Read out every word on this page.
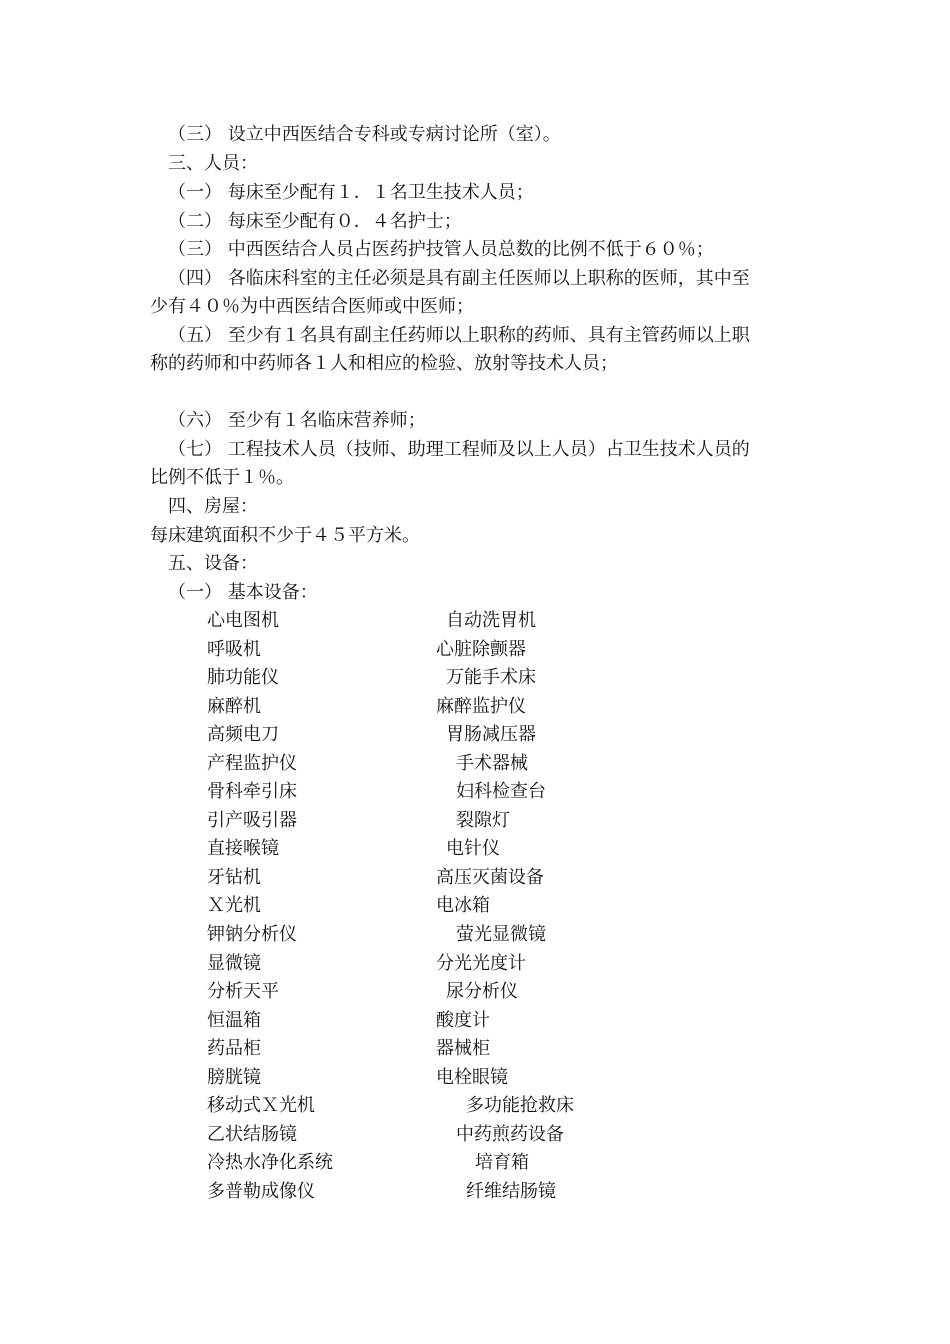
（三） 设立中西医结合专科或专病讨论所（室）。
三、人员：
（一） 每床至少配有１．１名卫生技术人员；
（二） 每床至少配有０．４名护士；
（三） 中西医结合人员占医药护技管人员总数的比例不低于６０％；
（四） 各临床科室的主任必须是具有副主任医师以上职称的医师，其中至
少有４０％为中西医结合医师或中医师；
（五） 至少有１名具有副主任药师以上职称的药师、具有主管药师以上职
称的药师和中药师各１人和相应的检验、放射等技术人员；
（六） 至少有１名临床营养师；
（七） 工程技术人员（技师、助理工程师及以上人员）占卫生技术人员的
比例不低于１％。
四、房屋：
每床建筑面积不少于４５平方米。
五、设备：
（一） 基本设备：
心电图机	自动洗胃机
呼吸机	心脏除颤器
肺功能仪	万能手术床
麻醉机	麻醉监护仪
高频电刀	胃肠减压器
产程监护仪	手术器械
骨科牵引床	妇科检查台
引产吸引器	裂隙灯
直接喉镜	电针仪
牙钻机	高压灭菌设备
Ｘ光机	电冰箱
钾钠分析仪	萤光显微镜
显微镜	分光光度计
分析天平	尿分析仪
恒温箱	酸度计
药品柜	器械柜
膀胱镜	电栓眼镜
移动式Ｘ光机	多功能抢救床
乙状结肠镜	中药煎药设备
冷热水净化系统	培育箱
多普勒成像仪	纤维结肠镜
